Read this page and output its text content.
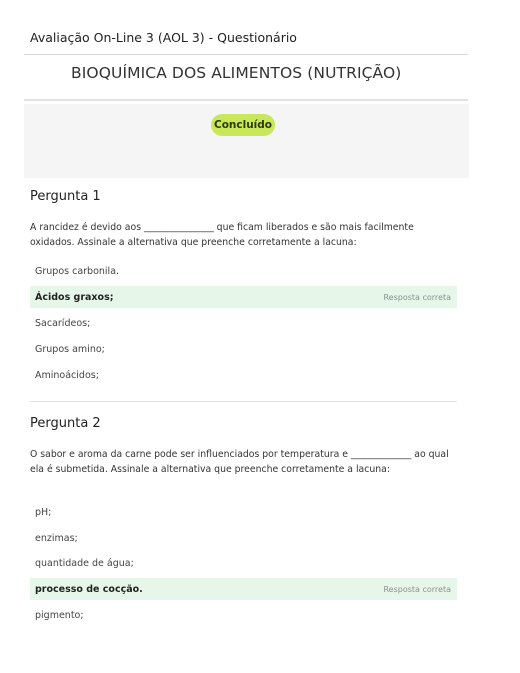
Avaliação On-Line 3 (AOL 3) - Questionário
BIOQUÍMICA DOS ALIMENTOS (NUTRIÇÃO)
Concluído
Pergunta 1
A rancidez é devido aos _______________ que ficam liberados e são mais facilmente oxidados. Assinale a alternativa que preenche corretamente a lacuna:
Grupos carbonila.
Ácidos graxos;	Resposta correta
Sacarídeos;
Grupos amino;
Aminoácidos;
Pergunta 2
O sabor e aroma da carne pode ser influenciados por temperatura e _____________ ao qual ela é submetida. Assinale a alternativa que preenche corretamente a lacuna:
pH;
enzimas;
quantidade de água;
processo de cocção.	Resposta correta
pigmento;
